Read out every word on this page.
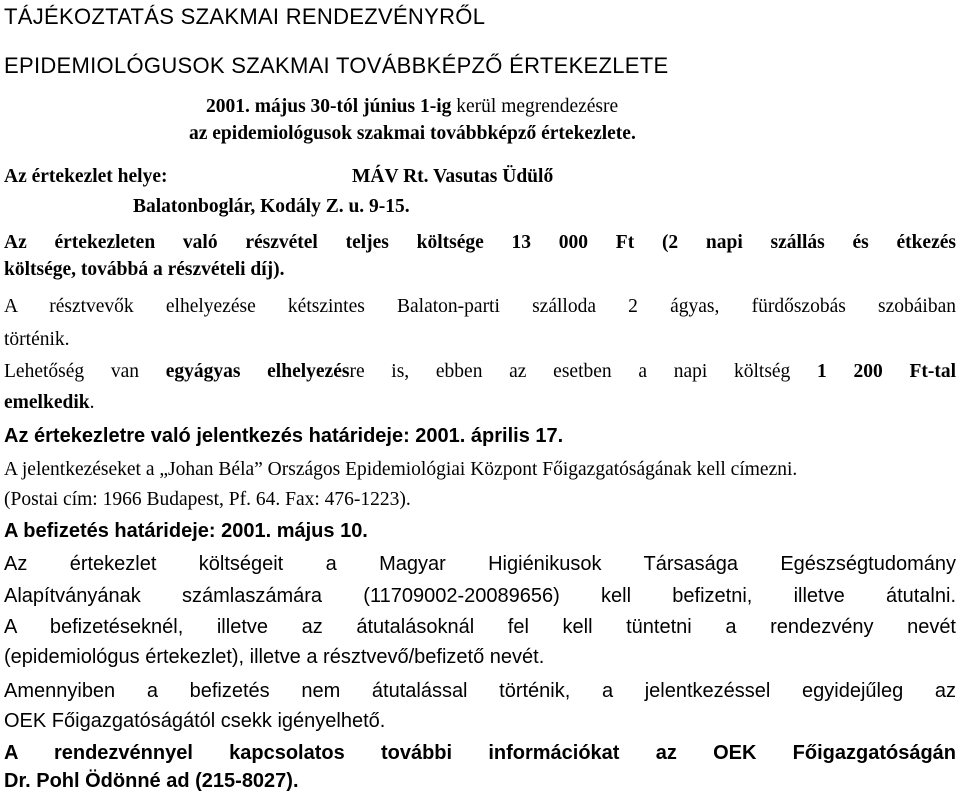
TÁJÉKOZTATÁS SZAKMAI RENDEZVÉNYRŐL
EPIDEMIOLÓGUSOK SZAKMAI TOVÁBBKÉPZŐ ÉRTEKEZLETE
2001. május 30-tól június 1-ig kerül megrendezésre
az epidemiológusok szakmai továbbképző értekezlete.
Az értekezlet helye:	MÁV Rt. Vasutas Üdülő
Balatonboglár, Kodály Z. u. 9-15.
Az értekezleten való részvétel teljes költsége 13 000 Ft (2 napi szállás és étkezés
költsége, továbbá a részvételi díj).
A résztvevők elhelyezése kétszintes Balaton-parti szálloda 2 ágyas, fürdőszobás szobáiban
történik.
Lehetőség van egyágyas elhelyezésre is, ebben az esetben a napi költség 1 200 Ft-tal
emelkedik.
Az értekezletre való jelentkezés határideje: 2001. április 17.
A jelentkezéseket a „Johan Béla” Országos Epidemiológiai Központ Főigazgatóságának kell címezni.
(Postai cím: 1966 Budapest, Pf. 64. Fax: 476-1223).
A befizetés határideje: 2001. május 10.
Az értekezlet költségeit a Magyar Higiénikusok Társasága Egészségtudomány
Alapítványának számlaszámára (11709002-20089656) kell befizetni, illetve átutalni.
A befizetéseknél, illetve az átutalásoknál fel kell tüntetni a rendezvény nevét
(epidemiológus értekezlet), illetve a résztvevő/befizető nevét.
Amennyiben a befizetés nem átutalással történik, a jelentkezéssel egyidejűleg az
OEK Főigazgatóságától csekk igényelhető.
A rendezvénnyel kapcsolatos további információkat az OEK Főigazgatóságán
Dr. Pohl Ödönné ad (215-8027).
